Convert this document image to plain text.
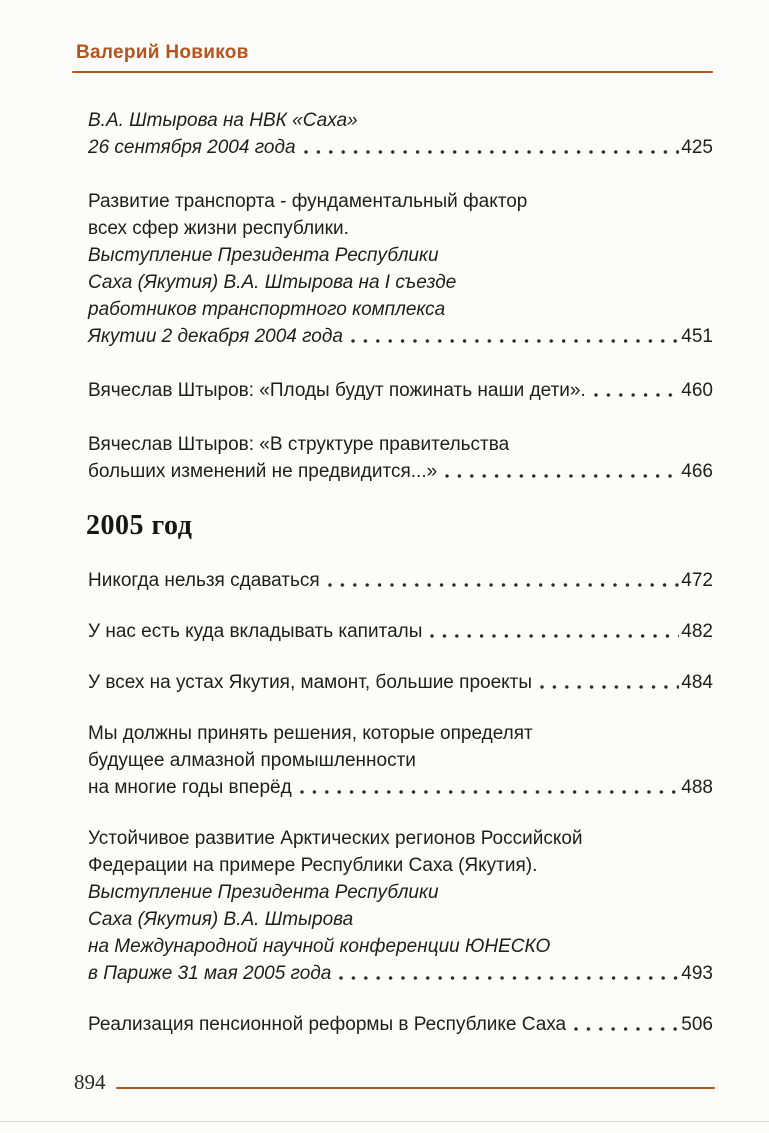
Валерий Новиков
В.А. Штырова на НВК «Саха»
26 сентября 2004 года	425
Развитие транспорта - фундаментальный фактор
всех сфер жизни республики.
Выступление Президента Республики
Саха (Якутия) В.А. Штырова на I съезде
работников транспортного комплекса
Якутии 2 декабря 2004 года	451
Вячеслав Штыров: «Плоды будут пожинать наши дети».	460
Вячеслав Штыров: «В структуре правительства
больших изменений не предвидится...»	466
2005 год
Никогда нельзя сдаваться	472
У нас есть куда вкладывать капиталы	482
У всех на устах Якутия, мамонт, большие проекты	484
Мы должны принять решения, которые определят
будущее алмазной промышленности
на многие годы вперёд	488
Устойчивое развитие Арктических регионов Российской
Федерации на примере Республики Саха (Якутия).
Выступление Президента Республики
Саха (Якутия) В.А. Штырова
на Международной научной конференции ЮНЕСКО
в Париже 31 мая 2005 года	493
Реализация пенсионной реформы в Республике Саха	506
894
